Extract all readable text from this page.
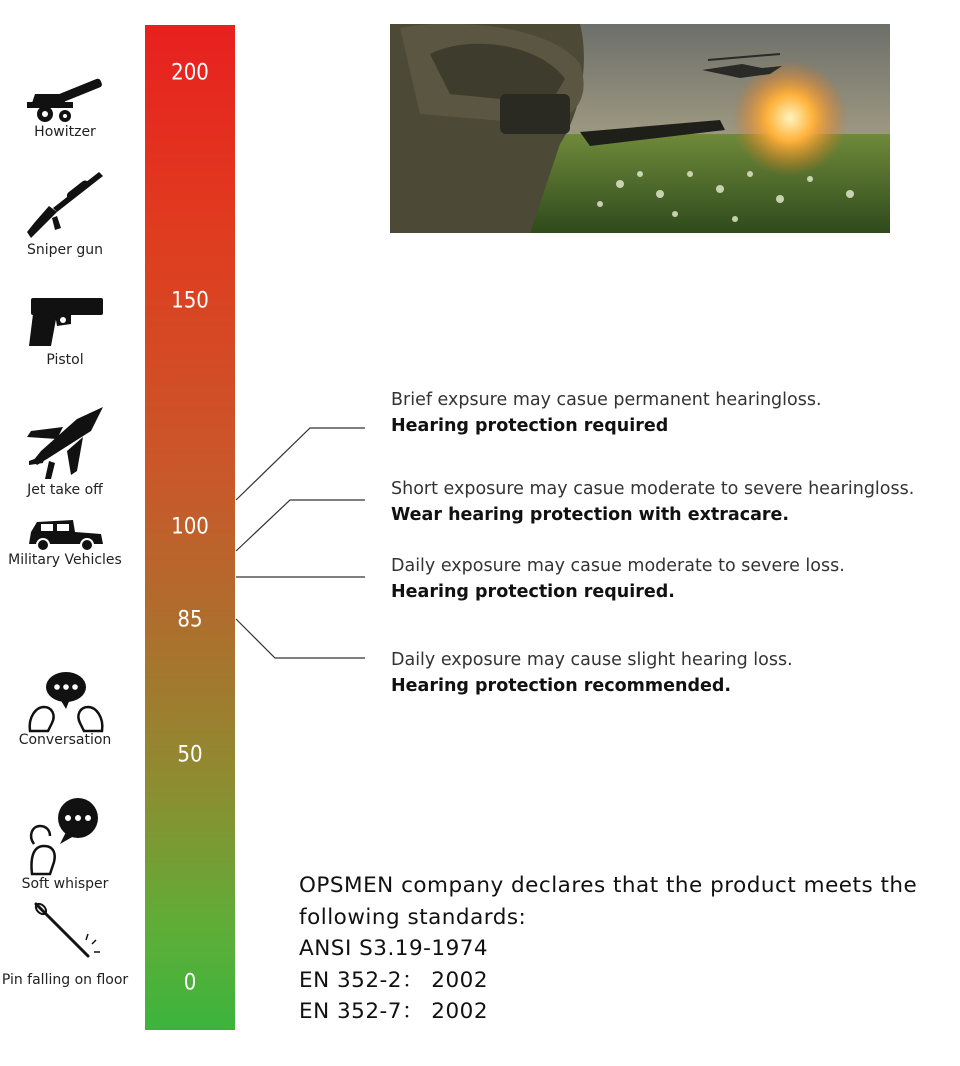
Howitzer
Sniper gun
Pistol
Jet take off
Military Vehicles
Conversation
Soft whisper
Pin falling on floor
200
150
100
85
50
0
Brief expsure may casue permanent hearingloss.
Hearing protection required
Short exposure may casue moderate to severe hearingloss.
Wear hearing protection with extracare.
Daily exposure may casue moderate to severe loss.
Hearing protection required.
Daily exposure may cause slight hearing loss.
Hearing protection recommended.
OPSMEN company declares that the product meets the
following standards:
ANSI S3.19-1974
EN 352-2： 2002
EN 352-7： 2002
